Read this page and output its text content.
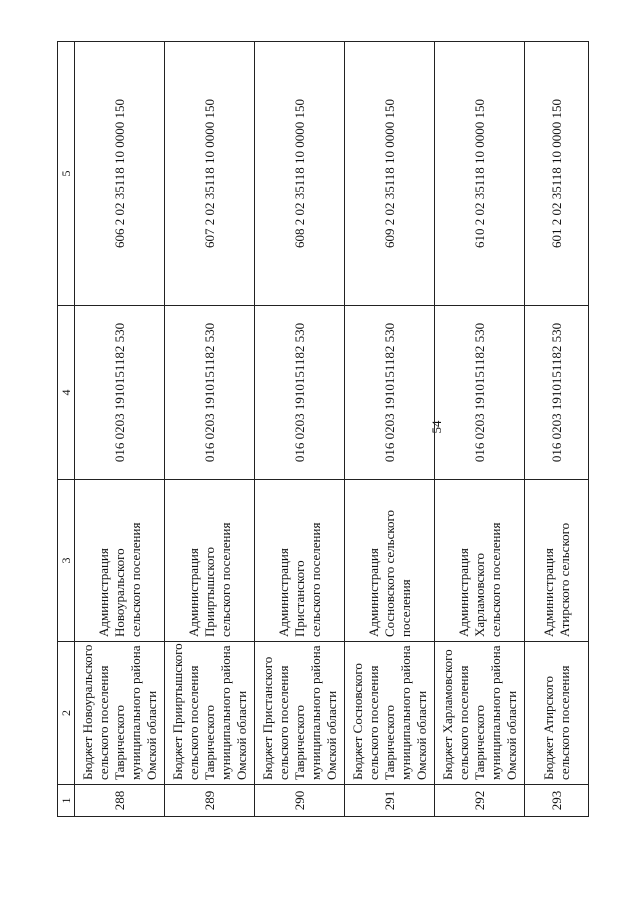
54
1	2	3	4	5
288	Бюджет Новоуральского сельского поселения Таврического муниципального района Омской области	Администрация Новоуральского сельского поселения	016 0203 1910151182 530	606 2 02 35118 10 0000 150
289	Бюджет Прииртышского сельского поселения Таврического муниципального района Омской области	Администрация Прииртышского сельского поселения	016 0203 1910151182 530	607 2 02 35118 10 0000 150
290	Бюджет Пристанского сельского поселения Таврического муниципального района Омской области	Администрация Пристанского сельского поселения	016 0203 1910151182 530	608 2 02 35118 10 0000 150
291	Бюджет Сосновского сельского поселения Таврического муниципального района Омской области	Администрация Сосновского сельского поселения	016 0203 1910151182 530	609 2 02 35118 10 0000 150
292	Бюджет Харламовского сельского поселения Таврического муниципального района Омской области	Администрация Харламовского сельского поселения	016 0203 1910151182 530	610 2 02 35118 10 0000 150
293	Бюджет Атирского сельского поселения	Администрация Атирского сельского	016 0203 1910151182 530	601 2 02 35118 10 0000 150
